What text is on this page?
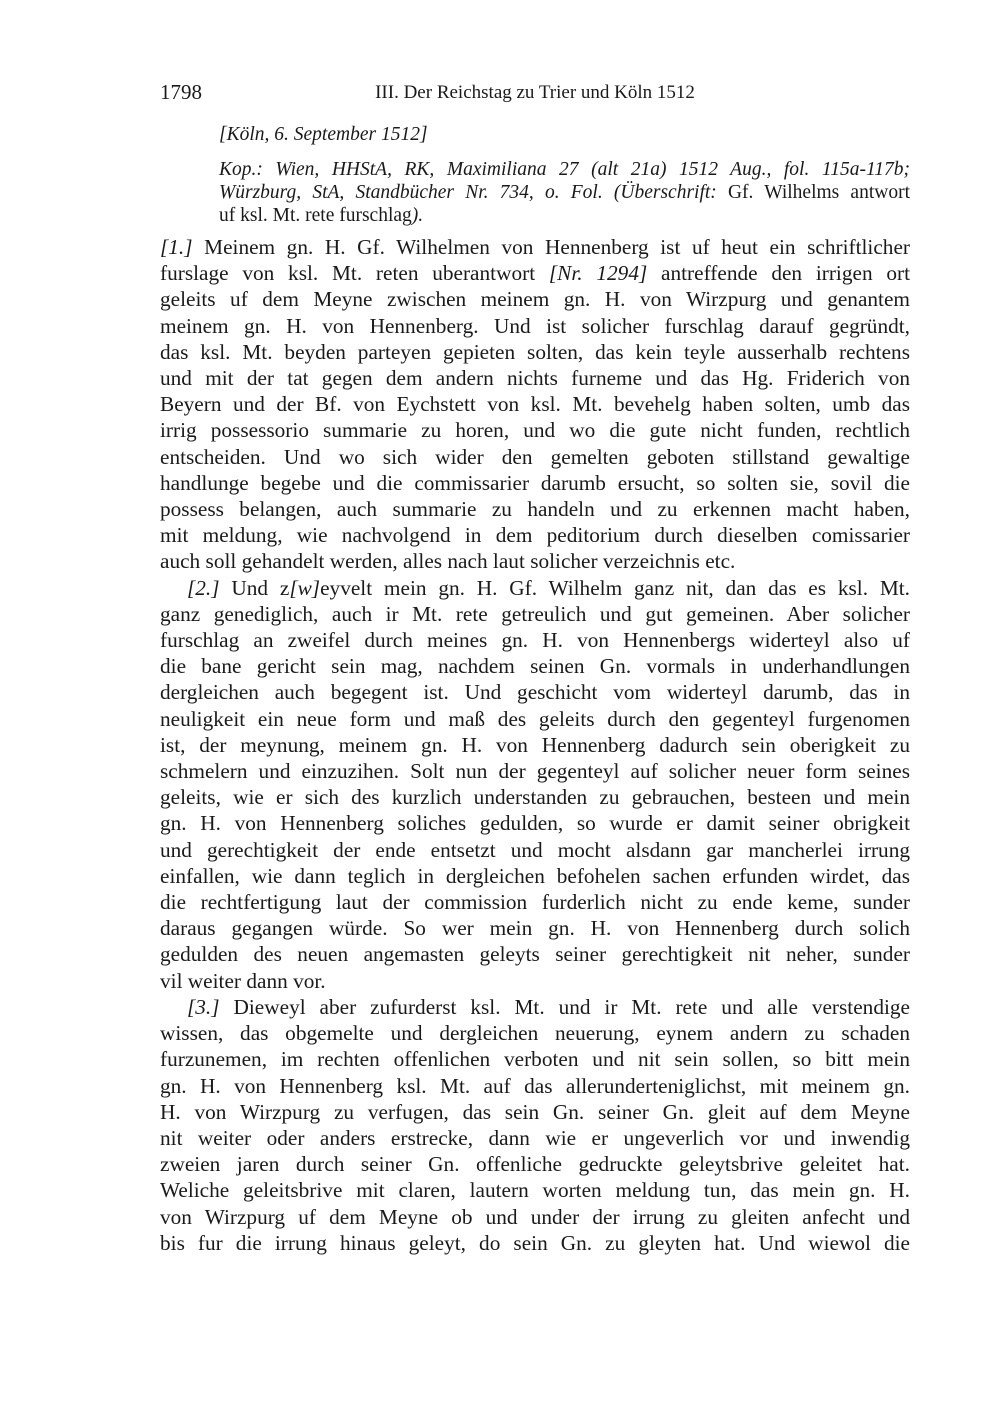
1798	III. Der Reichstag zu Trier und Köln 1512
[Köln, 6. September 1512]
Kop.: Wien, HHStA, RK, Maximiliana 27 (alt 21a) 1512 Aug., fol. 115a-117b;
Würzburg, StA, Standbücher Nr. 734, o. Fol. (Überschrift: Gf. Wilhelms antwort
uf ksl. Mt. rete furschlag).
[1.] Meinem gn. H. Gf. Wilhelmen von Hennenberg ist uf heut ein schriftlicher
furslage von ksl. Mt. reten uberantwort [Nr. 1294] antreffende den irrigen ort
geleits uf dem Meyne zwischen meinem gn. H. von Wirzpurg und genantem
meinem gn. H. von Hennenberg. Und ist solicher furschlag darauf gegründt,
das ksl. Mt. beyden parteyen gepieten solten, das kein teyle ausserhalb rechtens
und mit der tat gegen dem andern nichts furneme und das Hg. Friderich von
Beyern und der Bf. von Eychstett von ksl. Mt. bevehelg haben solten, umb das
irrig possessorio summarie zu horen, und wo die gute nicht funden, rechtlich
entscheiden. Und wo sich wider den gemelten geboten stillstand gewaltige
handlunge begebe und die commissarier darumb ersucht, so solten sie, sovil die
possess belangen, auch summarie zu handeln und zu erkennen macht haben,
mit meldung, wie nachvolgend in dem peditorium durch dieselben comissarier
auch soll gehandelt werden, alles nach laut solicher verzeichnis etc.
[2.] Und z[w]eyvelt mein gn. H. Gf. Wilhelm ganz nit, dan das es ksl. Mt.
ganz genediglich, auch ir Mt. rete getreulich und gut gemeinen. Aber solicher
furschlag an zweifel durch meines gn. H. von Hennenbergs widerteyl also uf
die bane gericht sein mag, nachdem seinen Gn. vormals in underhandlungen
dergleichen auch begegent ist. Und geschicht vom widerteyl darumb, das in
neuligkeit ein neue form und maß des geleits durch den gegenteyl furgenomen
ist, der meynung, meinem gn. H. von Hennenberg dadurch sein oberigkeit zu
schmelern und einzuzihen. Solt nun der gegenteyl auf solicher neuer form seines
geleits, wie er sich des kurzlich understanden zu gebrauchen, besteen und mein
gn. H. von Hennenberg soliches gedulden, so wurde er damit seiner obrigkeit
und gerechtigkeit der ende entsetzt und mocht alsdann gar mancherlei irrung
einfallen, wie dann teglich in dergleichen befohelen sachen erfunden wirdet, das
die rechtfertigung laut der commission furderlich nicht zu ende keme, sunder
daraus gegangen würde. So wer mein gn. H. von Hennenberg durch solich
gedulden des neuen angemasten geleyts seiner gerechtigkeit nit neher, sunder
vil weiter dann vor.
[3.] Dieweyl aber zufurderst ksl. Mt. und ir Mt. rete und alle verstendige
wissen, das obgemelte und dergleichen neuerung, eynem andern zu schaden
furzunemen, im rechten offenlichen verboten und nit sein sollen, so bitt mein
gn. H. von Hennenberg ksl. Mt. auf das allerunderteniglichst, mit meinem gn.
H. von Wirzpurg zu verfugen, das sein Gn. seiner Gn. gleit auf dem Meyne
nit weiter oder anders erstrecke, dann wie er ungeverlich vor und inwendig
zweien jaren durch seiner Gn. offenliche gedruckte geleytsbrive geleitet hat.
Weliche geleitsbrive mit claren, lautern worten meldung tun, das mein gn. H.
von Wirzpurg uf dem Meyne ob und under der irrung zu gleiten anfecht und
bis fur die irrung hinaus geleyt, do sein Gn. zu gleyten hat. Und wiewol die
